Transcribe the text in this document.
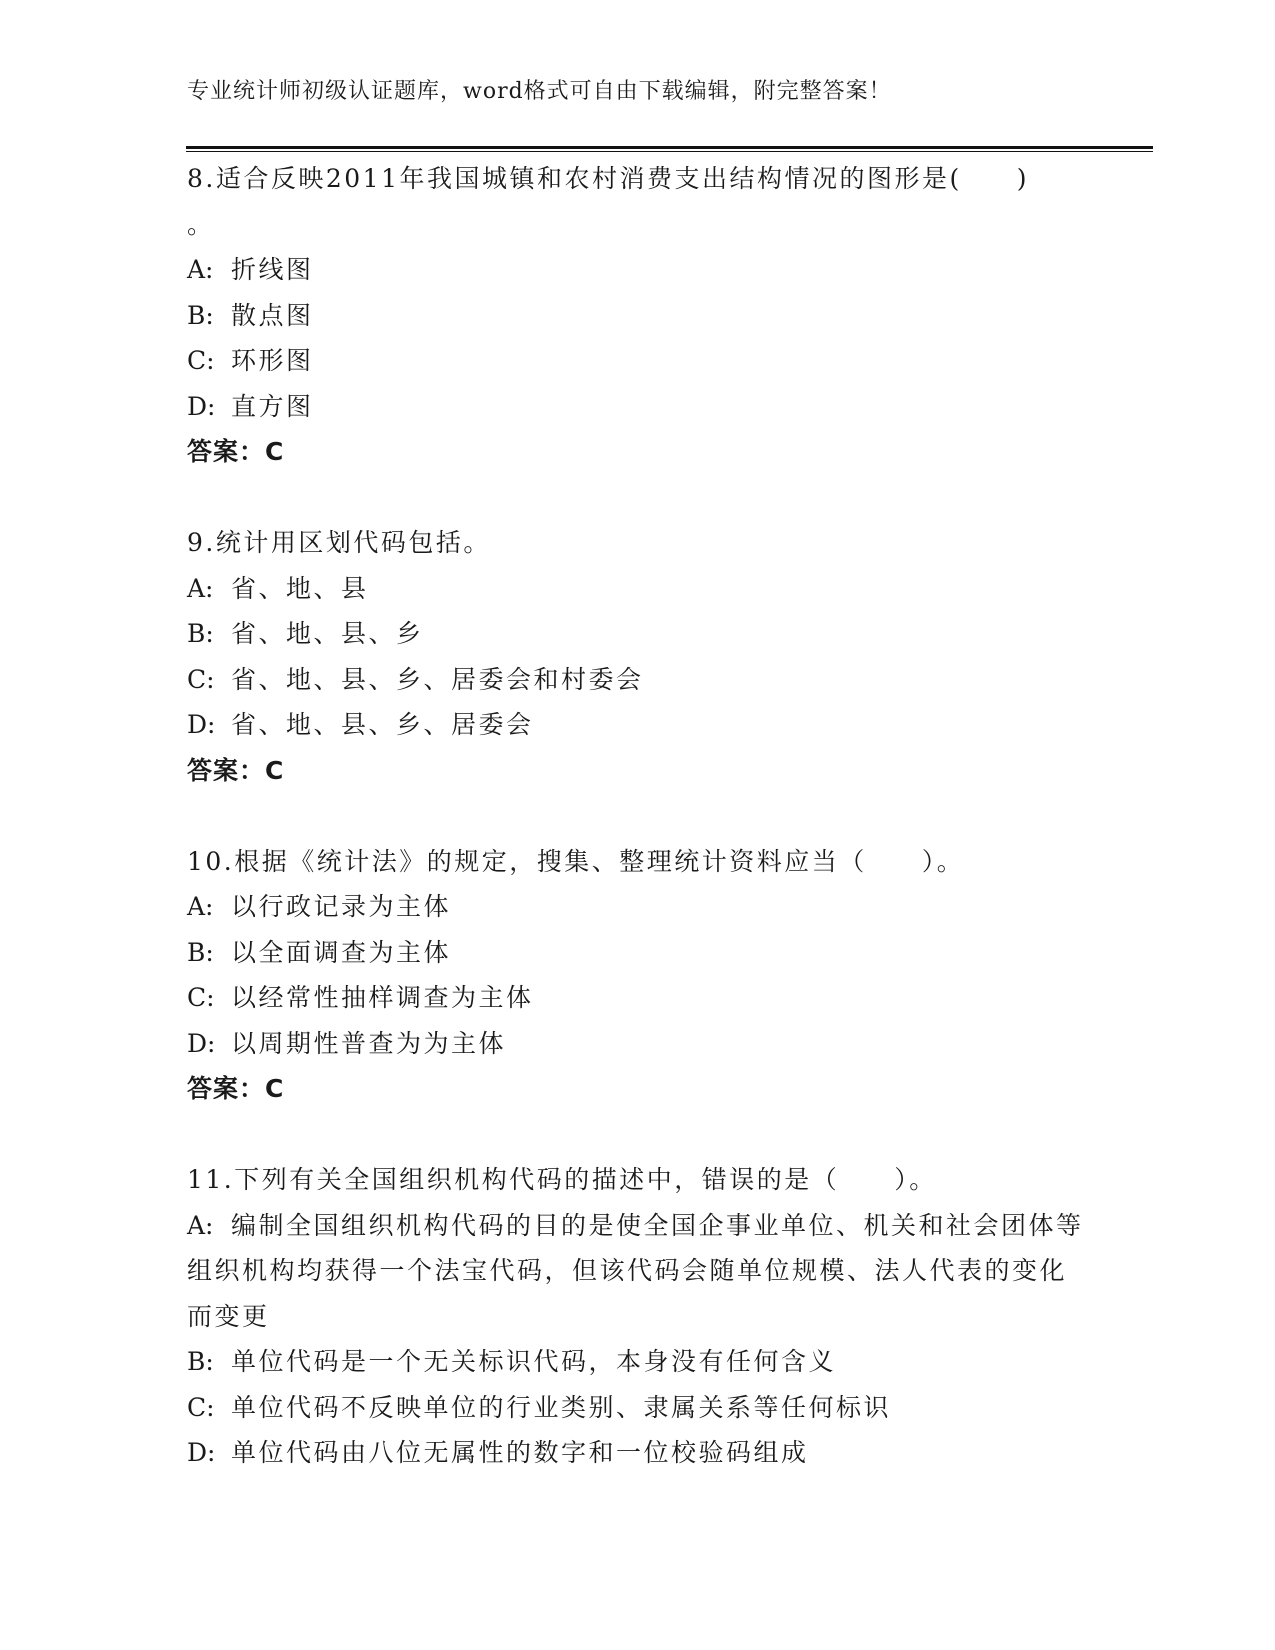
专业统计师初级认证题库，word格式可自由下载编辑，附完整答案！

8.适合反映2011年我国城镇和农村消费支出结构情况的图形是(　　)

。

A: 折线图

B: 散点图

C: 环形图

D: 直方图

答案：C

9.统计用区划代码包括。

A: 省、地、县

B: 省、地、县、乡

C: 省、地、县、乡、居委会和村委会

D: 省、地、县、乡、居委会

答案：C

10.根据《统计法》的规定，搜集、整理统计资料应当（　　）。

A: 以行政记录为主体

B: 以全面调查为主体

C: 以经常性抽样调查为主体

D: 以周期性普查为为主体

答案：C

11.下列有关全国组织机构代码的描述中，错误的是（　　）。

A: 编制全国组织机构代码的目的是使全国企事业单位、机关和社会团体等组织机构均获得一个法宝代码，但该代码会随单位规模、法人代表的变化而变更

B: 单位代码是一个无关标识代码，本身没有任何含义

C: 单位代码不反映单位的行业类别、隶属关系等任何标识

D: 单位代码由八位无属性的数字和一位校验码组成
